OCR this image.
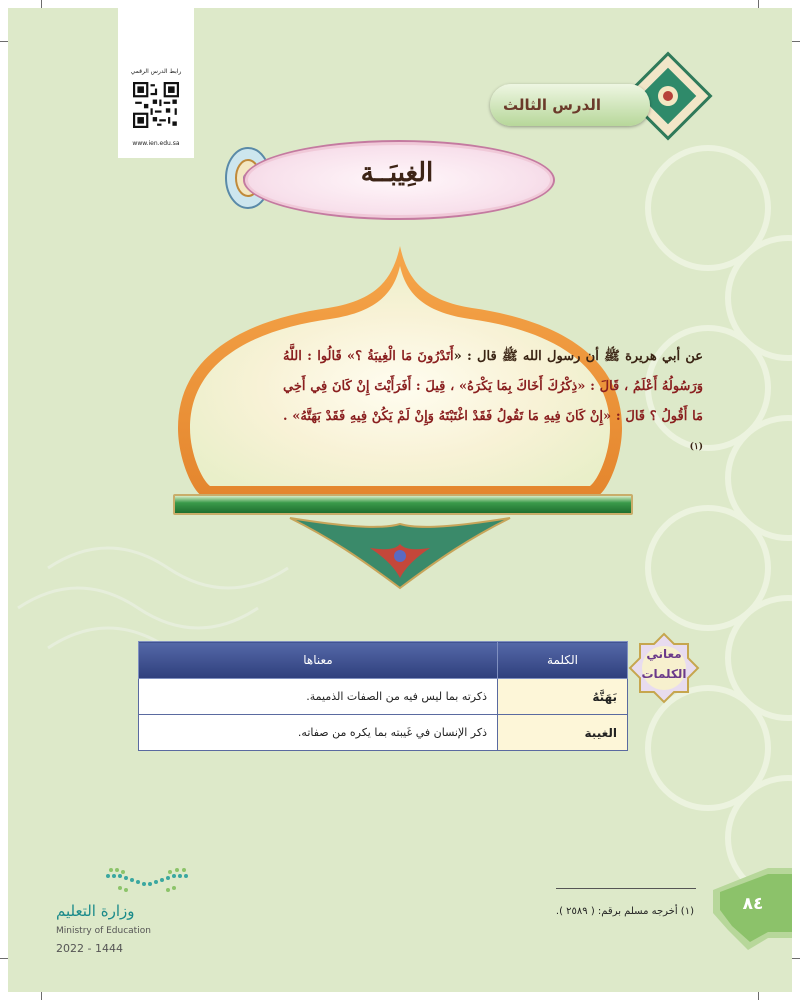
رابط الدرس الرقمي
www.ien.edu.sa
الدرس الثالث
الغِيبَــة
عن أبي هريرة ﷺ أن رسول الله ﷺ قال : «أَتَدْرُونَ مَا الْغِيبَةُ ؟» قَالُوا : اللَّهُ وَرَسُولُهُ أَعْلَمُ ، قَالَ : «ذِكْرُكَ أَخَاكَ بِمَا يَكْرَهُ» ، قِيلَ : أَفَرَأَيْتَ إِنْ كَانَ فِي أَخِي مَا أَقُولُ ؟ قَالَ : «إِنْ كَانَ فِيهِ مَا تَقُولُ فَقَدْ اغْتَبْتَهُ وَإِنْ لَمْ يَكُنْ فِيهِ فَقَدْ بَهَتَّهُ» . $^{(١)}$
معاني الكلمات
الكلمة	معناها
بَهَتَّهُ	ذكرته بما ليس فيه من الصفات الذميمة.
الغيبة	ذكر الإنسان في غَيبته بما يكره من صفاته.
وزارة التعليم
Ministry of Education
2022 - 1444
(١) أخرجه مسلم برقم: ( ٢٥٨٩ ).	٨٤
